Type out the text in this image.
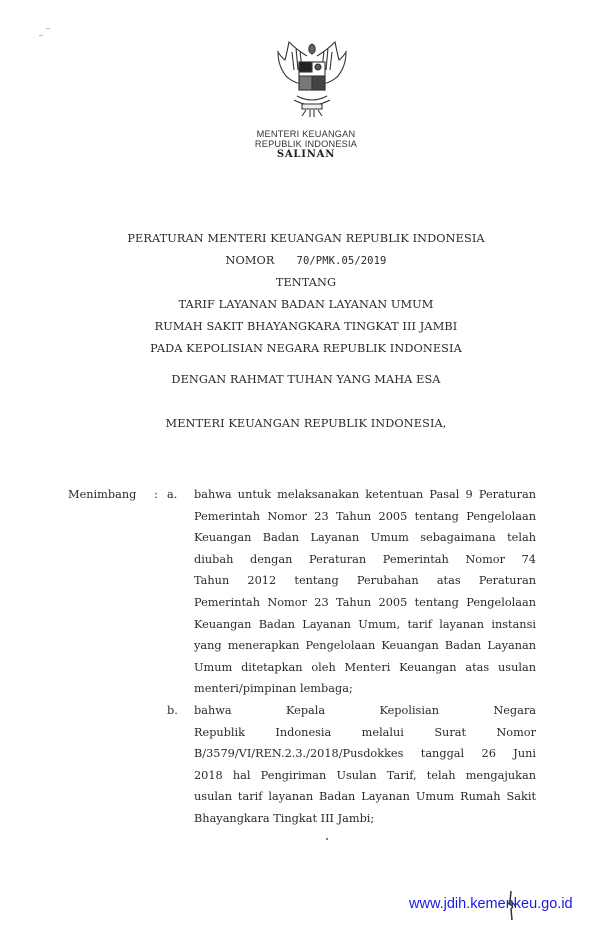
MENTERI KEUANGAN
REPUBLIK INDONESIA
SALINAN
PERATURAN MENTERI KEUANGAN REPUBLIK INDONESIA
NOMOR 70/PMK.05/2019
TENTANG
TARIF LAYANAN BADAN LAYANAN UMUM
RUMAH SAKIT BHAYANGKARA TINGKAT III JAMBI
PADA KEPOLISIAN NEGARA REPUBLIK INDONESIA
DENGAN RAHMAT TUHAN YANG MAHA ESA
MENTERI KEUANGAN REPUBLIK INDONESIA,
Menimbang : a. bahwa untuk melaksanakan ketentuan Pasal 9 Peraturan
Pemerintah Nomor 23 Tahun 2005 tentang Pengelolaan
Keuangan Badan Layanan Umum sebagaimana telah
diubah dengan Peraturan Pemerintah Nomor 74
Tahun 2012 tentang Perubahan atas Peraturan
Pemerintah Nomor 23 Tahun 2005 tentang Pengelolaan
Keuangan Badan Layanan Umum, tarif layanan instansi
yang menerapkan Pengelolaan Keuangan Badan Layanan
Umum ditetapkan oleh Menteri Keuangan atas usulan
menteri/pimpinan lembaga;
b. bahwa Kepala Kepolisian Negara
Republik Indonesia melalui Surat Nomor
B/3579/VI/REN.2.3./2018/Pusdokkes tanggal 26 Juni
2018 hal Pengiriman Usulan Tarif, telah mengajukan
usulan tarif layanan Badan Layanan Umum Rumah Sakit
Bhayangkara Tingkat III Jambi;
www.jdih.kemenkeu.go.id
